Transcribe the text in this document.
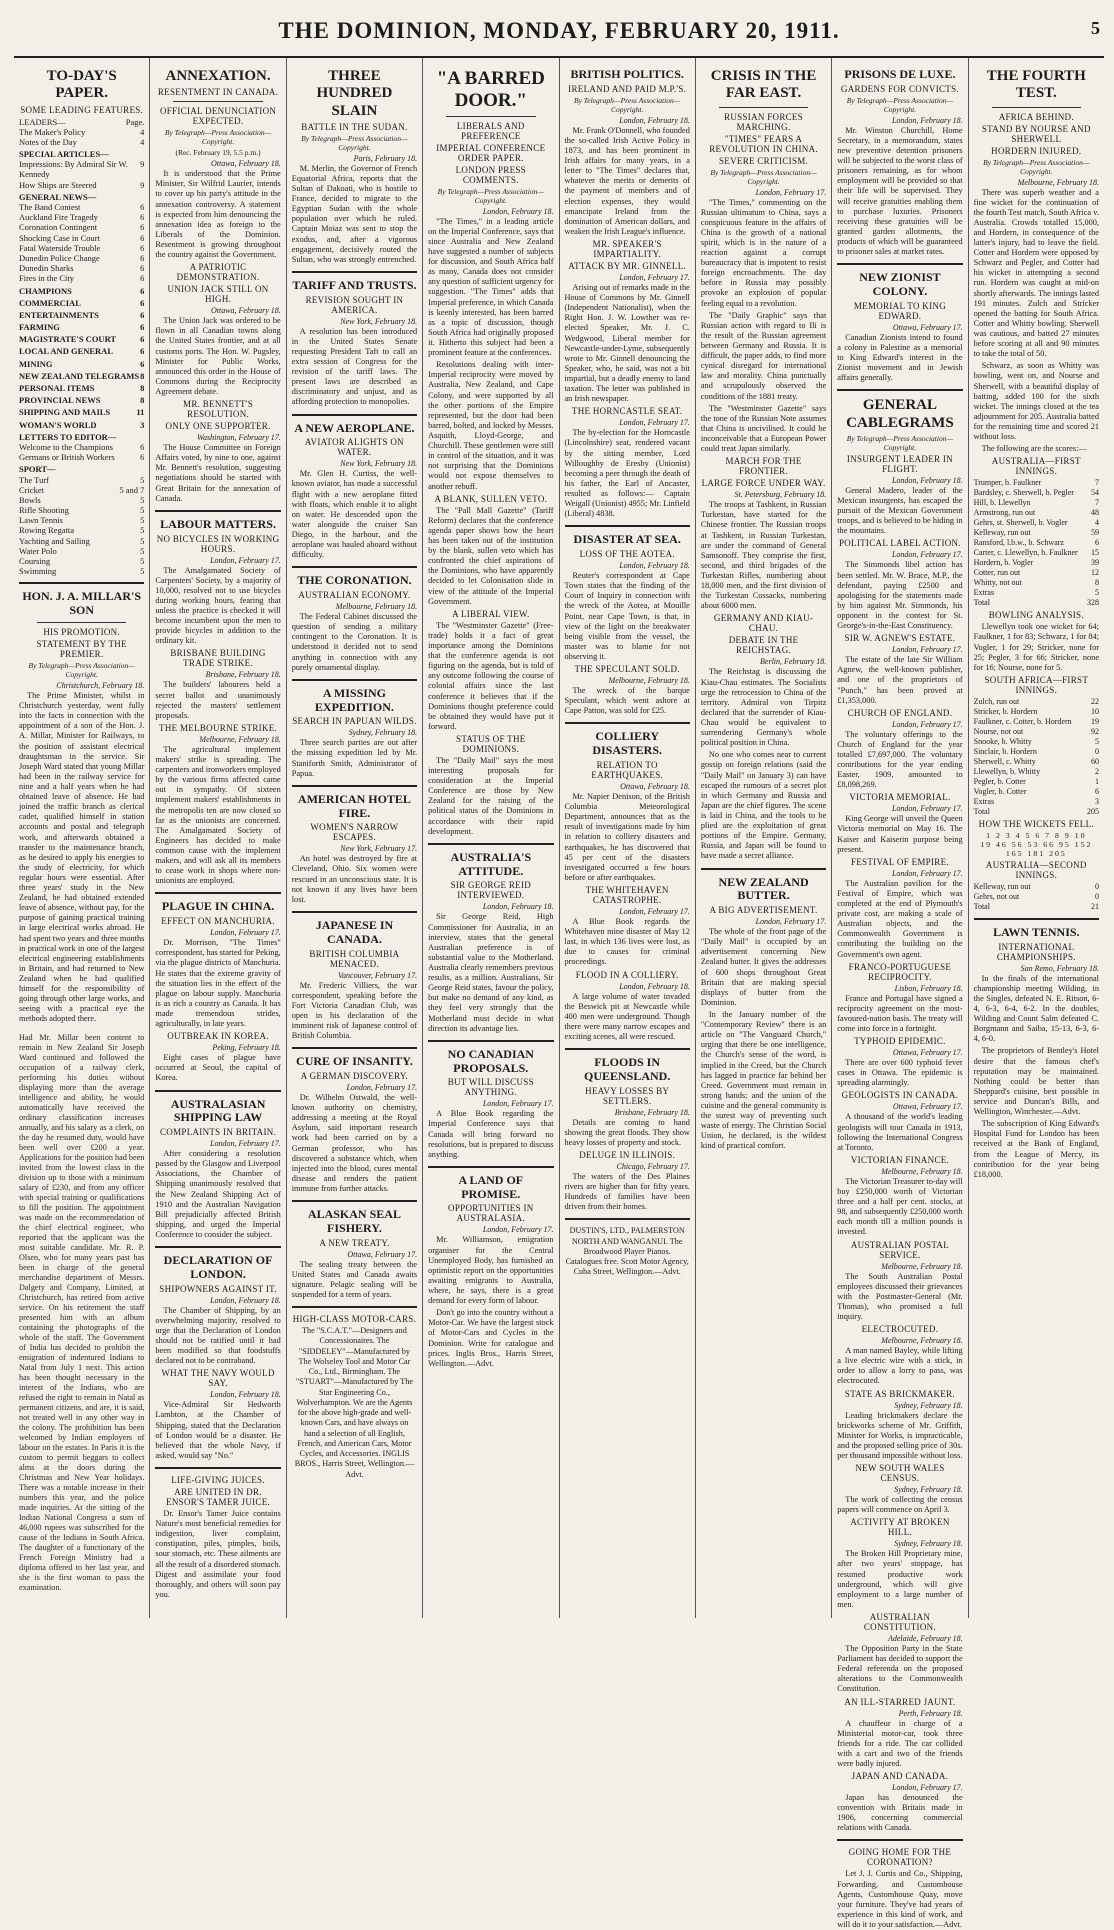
THE DOMINION, MONDAY, FEBRUARY 20, 1911.	5
TO-DAY'S PAPER.
SOME LEADING FEATURES.
LEADERS—	Page.
The Maker's Policy	4
Notes of the Day	4
SPECIAL ARTICLES—
Impressions: By Admiral Sir W. Kennedy
9
How Ships are Steered	9
GENERAL NEWS—
The Band Contest	6
Auckland Fire Tragedy	6
Coronation Contingent	6
Shocking Case in Court	6
Fatal Waterside Trouble	6
Dunedin Police Change	6
Dunedin Sharks	6
Fires in the City	6
CHAMPIONS	6
COMMERCIAL	6
ENTERTAINMENTS	6
FARMING	6
MAGISTRATE'S COURT	6
LOCAL AND GENERAL	6
MINING	6
NEW ZEALAND TELEGRAMS 8
PERSONAL ITEMS	8
PROVINCIAL NEWS	8
SHIPPING AND MAILS	11
WOMAN'S WORLD	3
LETTERS TO EDITOR—
Welcome to the Champions	6
Germans or British Workers	6
SPORT—
The Turf	5
Cricket	5 and 7
Bowls	5
Rifle Shooting	5
Lawn Tennis	5
Rowing Regatta	5
Yachting and Sailing	5
Water Polo	5
Coursing	5
Swimming	5
HON. J. A. MILLAR'S SON
HIS PROMOTION.
STATEMENT BY THE PREMIER.
By Telegraph—Press Association—Copyright.
Christchurch, February 18.

The Prime Minister, whilst in Christchurch yesterday, went fully into the facts in connection with the appointment of a son of the Hon. J. A. Millar, Minister for Railways, to the position of assistant electrical draughtsman in the service. Sir Joseph Ward stated that young Millar had been in the railway service for nine and a half years when he had obtained leave of absence. He had joined the traffic branch as clerical cadet, qualified himself in station accounts and postal and telegraph work, and afterwards obtained a transfer to the maintenance branch, as he desired to apply his energies to the study of electricity, for which regular hours were essential. After three years' study in the New Zealand, he had obtained extended leave of absence, without pay, for the purpose of gaining practical training in large electrical works abroad. He had spent two years and three months in practical work in one of the largest electrical engineering establishments in Britain, and had returned to New Zealand when he had qualified himself for the responsibility of going through other large works, and seeing with a practical eye the methods adopted there.

Had Mr. Millar been content to remain in New Zealand Sir Joseph Ward continued and followed the occupation of a railway clerk, performing his duties without displaying more than the average intelligence and ability, he would automatically have received the ordinary classification increases annually, and his salary as a clerk, on the day he resumed duty, would have been well over £200 a year. Applications for the position had been invited from the lowest class in the division up to those with a minimum salary of £230, and from any officer with special training or qualifications to fill the position. The appointment was made on the recommendation of the chief electrical engineer, who reported that the applicant was the most suitable candidate. Mr. R. P. Olsen, who for many years past has been in charge of the general merchandise department of Messrs. Dalgety and Company, Limited, at Christchurch, has retired from active service. On his retirement the staff presented him with an album containing the photographs of the whole of the staff. The Government of India has decided to prohibit the emigration of indentured Indians to Natal from July 1 next. This action has been thought necessary in the interest of the Indians, who are refused the right to remain in Natal as permanent citizens, and are, it is said, not treated well in any other way in the colony. The prohibition has been welcomed by Indian employers of labour on the estates. In Paris it is the custom to permit beggars to collect alms at the doors during the Christmas and New Year holidays. There was a notable increase in their numbers this year, and the police made inquiries. At the sitting of the Indian National Congress a sum of 46,000 rupees was subscribed for the cause of the Indians in South Africa. The daughter of a functionary of the French Foreign Ministry had a diploma offered to her last year, and she is the first woman to pass the examination.

ANNEXATION.
RESENTMENT IN CANADA.
OFFICIAL DENUNCIATION EXPECTED.
By Telegraph—Press Association—Copyright.
(Rec. February 19, 5.5 p.m.)
Ottawa, February 18.

It is understood that the Prime Minister, Sir Wilfrid Laurier, intends to cover up his party's attitude in the annexation controversy. A statement is expected from him denouncing the annexation idea as foreign to the Liberals of the Dominion. Resentment is growing throughout the country against the Government.

A PATRIOTIC DEMONSTRATION.
UNION JACK STILL ON HIGH.
Ottawa, February 18.

The Union Jack was ordered to be flown in all Canadian towns along the United States frontier, and at all customs ports. The Hon. W. Pugsley, Minister for Public Works, announced this order in the House of Commons during the Reciprocity Agreement debate.

MR. BENNETT'S RESOLUTION.
ONLY ONE SUPPORTER.
Washington, February 17.

The House Committee on Foreign Affairs voted, by nine to one, against Mr. Bennett's resolution, suggesting negotiations should be started with Great Britain for the annexation of Canada.

LABOUR MATTERS.
NO BICYCLES IN WORKING HOURS.
London, February 17.

The Amalgamated Society of Carpenters' Society, by a majority of 10,000, resolved not to use bicycles during working hours, fearing that unless the practice is checked it will become incumbent upon the men to provide bicycles in addition to the ordinary kit.

BRISBANE BUILDING TRADE STRIKE.
Brisbane, February 18.

The builders' labourers held a secret ballot and unanimously rejected the masters' settlement proposals.

THE MELBOURNE STRIKE.
Melbourne, February 18.

The agricultural implement makers' strike is spreading. The carpenters and ironworkers employed by the various firms affected came out in sympathy. Of sixteen implement makers' establishments in the metropolis ten are now closed so far as the unionists are concerned. The Amalgamated Society of Engineers has decided to make common cause with the implement makers, and will ask all its members to cease work in shops where non-unionists are employed.

PLAGUE IN CHINA.
EFFECT ON MANCHURIA.
London, February 17.

Dr. Morrison, "The Times" correspondent, has started for Peking, via the plague districts of Manchuria. He states that the extreme gravity of the situation lies in the effect of the plague on labour supply. Manchuria is as rich a country as Canada. It has made tremendous strides, agriculturally, in late years.

OUTBREAK IN KOREA.
Peking, February 18.

Eight cases of plague have occurred at Seoul, the capital of Korea.

AUSTRALASIAN SHIPPING LAW
COMPLAINTS IN BRITAIN.
London, February 17.

After considering a resolution passed by the Glasgow and Liverpool Associations, the Chamber of Shipping unanimously resolved that the New Zealand Shipping Act of 1910 and the Australian Navigation Bill prejudicially affected British shipping, and urged the Imperial Conference to consider the subject.

DECLARATION OF LONDON.
SHIPOWNERS AGAINST IT.
London, February 18.

The Chamber of Shipping, by an overwhelming majority, resolved to urge that the Declaration of London should not be ratified until it had been modified so that foodstuffs declared not to be contraband.

WHAT THE NAVY WOULD SAY.
London, February 18.

Vice-Admiral Sir Hedworth Lambton, at the Chamber of Shipping, stated that the Declaration of London would be a disaster. He believed that the whole Navy, if asked, would say "No."

LIFE-GIVING JUICES.
ARE UNITED IN DR. ENSOR'S TAMER JUICE.

Dr. Ensor's Tamer Juice contains Nature's most beneficial remedies for indigestion, liver complaint, constipation, piles, pimples, boils, sour stomach, etc. These ailments are all the result of a disordered stomach. Digest and assimilate your food thoroughly, and others will soon pay you.

THREE HUNDRED SLAIN
BATTLE IN THE SUDAN.
By Telegraph—Press Association—Copyright.
Paris, February 18.

M. Merlin, the Governor of French Equatorial Africa, reports that the Sultan of Dakoati, who is hostile to France, decided to migrate to the Egyptian Sudan with the whole population over which he ruled. Captain Moiaz was sent to stop the exodus, and, after a vigorous engagement, decisively routed the Sultan, who was strongly entrenched.

TARIFF AND TRUSTS.
REVISION SOUGHT IN AMERICA.
New York, February 18.

A resolution has been introduced in the United States Senate requesting President Taft to call an extra session of Congress for the revision of the tariff laws. The present laws are described as discriminatory and unjust, and as affording protection to monopolies.

A NEW AEROPLANE.
AVIATOR ALIGHTS ON WATER.
New York, February 18.

Mr. Glen H. Curtiss, the well-known aviator, has made a successful flight with a new aeroplane fitted with floats, which enable it to alight on water. He descended upon the water alongside the cruiser San Diego, in the harbour, and the aeroplane was hauled aboard without difficulty.

THE CORONATION.
AUSTRALIAN ECONOMY.
Melbourne, February 18.

The Federal Cabinet discussed the question of sending a military contingent to the Coronation. It is understood it decided not to send anything in connection with any purely ornamental display.

A MISSING EXPEDITION.
SEARCH IN PAPUAN WILDS.
Sydney, February 18.

Three search parties are out after the missing expedition led by Mr. Staniforth Smith, Administrator of Papua.

AMERICAN HOTEL FIRE.
WOMEN'S NARROW ESCAPES.
New York, February 17.

An hotel was destroyed by fire at Cleveland, Ohio. Six women were rescued in an unconscious state. It is not known if any lives have been lost.

JAPANESE IN CANADA.
BRITISH COLUMBIA MENACED.
Vancouver, February 17.

Mr. Frederic Villiers, the war correspondent, speaking before the Fort Victoria Canadian Club, was open in his declaration of the imminent risk of Japanese control of British Columbia.

CURE OF INSANITY.
A GERMAN DISCOVERY.
London, February 17.

Dr. Wilhelm Ostwald, the well-known authority on chemistry, addressing a meeting at the Royal Asylum, said important research work had been carried on by a German professor, who has discovered a substance which, when injected into the blood, cures mental disease and renders the patient immune from further attacks.

ALASKAN SEAL FISHERY.
A NEW TREATY.
Ottawa, February 17.

The sealing treaty between the United States and Canada awaits signature. Pelagic sealing will be suspended for a term of years.

HIGH-CLASS MOTOR-CARS.
The "S.C.A.T."—Designers and Concessionaires. The "SIDDELEY"—Manufactured by The Wolseley Tool and Motor Car Co., Ltd., Birmingham. The "STUART"—Manufactured by The Star Engineering Co., Wolverhampton. We are the Agents for the above high-grade and well-known Cars, and have always on hand a selection of all English, French, and American Cars, Motor Cycles, and Accessories. INGLIS BROS., Harris Street, Wellington.—Advt.
"A BARRED DOOR."
LIBERALS AND PREFERENCE
IMPERIAL CONFERENCE ORDER PAPER.
LONDON PRESS COMMENTS.
By Telegraph—Press Association—Copyright.
London, February 18.

"The Times," in a leading article on the Imperial Conference, says that since Australia and New Zealand have suggested a number of subjects for discussion, and South Africa half as many, Canada does not consider any question of sufficient urgency for suggestion. "The Times" adds that Imperial preference, in which Canada is keenly interested, has been barred as a topic of discussion, though South Africa had originally proposed it. Hitherto this subject had been a prominent feature at the conferences.

Resolutions dealing with inter-Imperial reciprocity were moved by Australia, New Zealand, and Cape Colony, and were supported by all the other portions of the Empire represented, but the door had been barred, bolted, and locked by Messrs. Asquith, Lloyd-George, and Churchill. These gentlemen were still in control of the situation, and it was not surprising that the Dominions would not expose themselves to another rebuff.

A BLANK, SULLEN VETO.

The "Pall Mall Gazette" (Tariff Reform) declares that the conference agenda paper shows how the heart has been taken out of the institution by the blank, sullen veto which has confronted the chief aspirations of the Dominions, who have apparently decided to let Colonisation slide in view of the attitude of the Imperial Government.

A LIBERAL VIEW.

The "Westminster Gazette" (Free-trade) holds it a fact of great importance among the Dominions that the conference agenda is not figuring on the agenda, but is told of any outcome following the course of colonial affairs since the last conference it believes that if the Dominions thought preference could be obtained they would have put it forward.

STATUS OF THE DOMINIONS.

The "Daily Mail" says the most interesting proposals for consideration at the Imperial Conference are those by New Zealand for the raising of the political status of the Dominions in accordance with their rapid development.

AUSTRALIA'S ATTITUDE.
SIR GEORGE REID INTERVIEWED.
London, February 18.

Sir George Reid, High Commissioner for Australia, in an interview, states that the general Australian preference is of substantial value to the Motherland. Australia clearly remembers previous results, as a million. Australians, Sir George Reid states, favour the policy, but make no demand of any kind, as they feel very strongly that the Motherland must decide in what direction its advantage lies.

NO CANADIAN PROPOSALS.
BUT WILL DISCUSS ANYTHING.
London, February 17.

A Blue Book regarding the Imperial Conference says that Canada will bring forward no resolutions, but is prepared to discuss anything.

A LAND OF PROMISE.
OPPORTUNITIES IN AUSTRALASIA.
London, February 17.

Mr. Williamson, emigration organiser for the Central Unemployed Body, has furnished an optimistic report on the opportunities awaiting emigrants to Australia, where, he says, there is a great demand for every form of labour.

Don't go into the country without a Motor-Car. We have the largest stock of Motor-Cars and Cycles in the Dominion. Write for catalogue and prices. Inglis Bros., Harris Street, Wellington.—Advt.

BRITISH POLITICS.
IRELAND AND PAID M.P.'S.
By Telegraph—Press Association—Copyright.
London, February 18.

Mr. Frank O'Donnell, who founded the so-called Irish Active Policy in 1873, and has been prominent in Irish affairs for many years, in a letter to "The Times" declares that, whatever the merits or demerits of the payment of members and of election expenses, they would emancipate Ireland from the domination of American dollars, and weaken the Irish League's influence.

MR. SPEAKER'S IMPARTIALITY.
ATTACK BY MR. GINNELL.
London, February 17.

Arising out of remarks made in the House of Commons by Mr. Ginnell (Independent Nationalist), when the Right Hon. J. W. Lowther was re-elected Speaker, Mr. J. C. Wedgwood, Liberal member for Newcastle-under-Lyme, subsequently wrote to Mr. Ginnell denouncing the Speaker, who, he said, was not a bit impartial, but a deadly enemy to land taxation. The letter was published in an Irish newspaper.

THE HORNCASTLE SEAT.
London, February 17.

The by-election for the Horncastle (Lincolnshire) seat, rendered vacant by the sitting member, Lord Willoughby de Eresby (Unionist) becoming a peer through the death of his father, the Earl of Ancaster, resulted as follows:— Captain Weigall (Unionist) 4955; Mr. Linfield (Liberal) 4838.

DISASTER AT SEA.
LOSS OF THE AOTEA.
London, February 18.

Reuter's correspondent at Cape Town states that the finding of the Court of Inquiry in connection with the wreck of the Aotea, at Mouille Point, near Cape Town, is that, in view of the light on the breakwater being visible from the vessel, the master was to blame for not observing it.

THE SPECULANT SOLD.
Melbourne, February 18.

The wreck of the barque Speculant, which went ashore at Cape Patton, was sold for £25.

COLLIERY DISASTERS.
RELATION TO EARTHQUAKES.
Ottawa, February 18.

Mr. Napier Denison, of the British Columbia Meteorological Department, announces that as the result of investigations made by him in relation to colliery disasters and earthquakes, he has discovered that 45 per cent of the disasters investigated occurred a few hours before or after earthquakes.

THE WHITEHAVEN CATASTROPHE.
London, February 17.

A Blue Book regards the Whitehaven mine disaster of May 12 last, in which 136 lives were lost, as due to causes for criminal proceedings.

FLOOD IN A COLLIERY.
London, February 18.

A large volume of water invaded the Beswick pit at Newcastle while 400 men were underground. Though there were many narrow escapes and exciting scenes, all were rescued.

FLOODS IN QUEENSLAND.
HEAVY LOSSES BY SETTLERS.
Brisbane, February 18.

Details are coming to hand showing the great floods. They show heavy losses of property and stock.

DELUGE IN ILLINOIS.
Chicago, February 17.

The waters of the Des Plaines rivers are higher than for fifty years. Hundreds of families have been driven from their homes.

DUSTIN'S, LTD., PALMERSTON NORTH AND WANGANUI. The Broadwood Player Pianos. Catalogues free. Scott Motor Agency, Cuba Street, Wellington.—Advt.
CRISIS IN THE FAR EAST.
RUSSIAN FORCES MARCHING.
"TIMES" FEARS A REVOLUTION IN CHINA.
SEVERE CRITICISM.
By Telegraph—Press Association—Copyright.
London, February 17.

"The Times," commenting on the Russian ultimatum to China, says a conspicuous feature in the affairs of China is the growth of a national spirit, which is in the nature of a reaction against a corrupt bureaucracy that is impotent to resist foreign encroachments. The day before in Russia may possibly provoke an explosion of popular feeling equal to a revolution.

The "Daily Graphic" says that Russian action with regard to Ili is the result of the Russian agreement between Germany and Russia. It is difficult, the paper adds, to find more cynical disregard for international law and morality. China punctually and scrupulously observed the conditions of the 1881 treaty.

The "Westminster Gazette" says the tone of the Russian Note assumes that China is uncivilised. It could be inconceivable that a European Power could treat Japan similarly.

MARCH FOR THE FRONTIER.
LARGE FORCE UNDER WAY.
St. Petersburg, February 18.

The troops at Tashkent, in Russian Turkestan, have started for the Chinese frontier. The Russian troops at Tashkent, in Russian Turkestan, are under the command of General Samsonoff. They comprise the first, second, and third brigades of the Turkestan Rifles, numbering about 18,000 men, and the first division of the Turkestan Cossacks, numbering about 6000 men.

GERMANY AND KIAU-CHAU.
DEBATE IN THE REICHSTAG.
Berlin, February 18.

The Reichstag is discussing the Kiau-Chau estimates. The Socialists urge the retrocession to China of the territory. Admiral von Tirpitz declared that the surrender of Kiau-Chau would be equivalent to surrendering Germany's whole political position in China.

No one who comes near to current gossip on foreign relations (said the "Daily Mail" on January 3) can have escaped the rumours of a secret plot in which Germany and Russia and Japan are the chief figures. The scene is laid in China, and the tools to be plied are the exploitation of great portions of the Empire. Germany, Russia, and Japan will be found to have made a secret alliance.

NEW ZEALAND BUTTER.
A BIG ADVERTISEMENT.
London, February 17.

The whole of the front page of the "Daily Mail" is occupied by an advertisement concerning New Zealand butter. It gives the addresses of 600 shops throughout Great Britain that are making special displays of butter from the Dominion.

In the January number of the "Contemporary Review" there is an article on "The Vanguard Church," urging that there be one intelligence, the Church's sense of the word, is implied in the Creed, but the Church has lagged in practice far behind her Creed. Government must remain in strong hands; and the union of the cuisine and the general community is the surest way of preventing such waste of energy. The Christian Social Union, he declared, is the wildest kind of practical comfort.

PRISONS DE LUXE.
GARDENS FOR CONVICTS.
By Telegraph—Press Association—Copyright.
London, February 18.

Mr. Winston Churchill, Home Secretary, in a memorandum, states new preventive detention prisoners will be subjected to the worst class of prisoners remaining, as for whom employment will be provided so that their life will be supervised. They will receive gratuities enabling them to purchase luxuries. Prisoners receiving these gratuities will be granted garden allotments, the products of which will be guaranteed to prisoner sales at market rates.

NEW ZIONIST COLONY.
MEMORIAL TO KING EDWARD.
Ottawa, February 17.

Canadian Zionists intend to found a colony in Palestine as a memorial to King Edward's interest in the Zionist movement and in Jewish affairs generally.

GENERAL CABLEGRAMS
By Telegraph—Press Association—Copyright.
INSURGENT LEADER IN FLIGHT.
London, February 18.

General Madero, leader of the Mexican insurgents, has escaped the pursuit of the Mexican Government troops, and is believed to be hiding in the mountains.

POLITICAL LABEL ACTION.
London, February 17.

The Simmonds libel action has been settled. Mr. W. Brace, M.P., the defendant, paying £2500 and apologising for the statements made by him against Mr. Simmonds, his opponent in the contest for St. George's-in-the-East Constituency.

SIR W. AGNEW'S ESTATE.
London, February 17.

The estate of the late Sir William Agnew, the well-known publisher, and one of the proprietors of "Punch," has been proved at £1,353,000.

CHURCH OF ENGLAND.
London, February 17.

The voluntary offerings to the Church of England for the year totalled £7,697,000. The voluntary contributions for the year ending Easter, 1909, amounted to £8,098,269.

VICTORIA MEMORIAL.
London, February 17.

King George will unveil the Queen Victoria memorial on May 16. The Kaiser and Kaiserin purpose being present.

FESTIVAL OF EMPIRE.
London, February 17.

The Australian pavilion for the Festival of Empire, which was completed at the end of Plymouth's private cost, are making a scale of Australian objects, and the Commonwealth Government is contributing the building on the Government's own agent.

FRANCO-PORTUGUESE RECIPROCITY.
Lisbon, February 18.

France and Portugal have signed a reciprocity agreement on the most-favoured-nation basis. The treaty will come into force in a fortnight.

TYPHOID EPIDEMIC.
Ottawa, February 17.

There are over 600 typhoid fever cases in Ottawa. The epidemic is spreading alarmingly.

GEOLOGISTS IN CANADA.
Ottawa, February 17.

A thousand of the world's leading geologists will tour Canada in 1913, following the International Congress at Toronto.

VICTORIAN FINANCE.
Melbourne, February 18.

The Victorian Treasurer to-day will buy £250,000 worth of Victorian three and a half per cent. stocks, at 98, and subsequently £250,000 worth each month till a million pounds is invested.

AUSTRALIAN POSTAL SERVICE.
Melbourne, February 18.

The South Australian Postal employees discussed their grievances with the Postmaster-General (Mr. Thomas), who promised a full inquiry.

ELECTROCUTED.
Melbourne, February 18.

A man named Bayley, while lifting a live electric wire with a stick, in order to allow a lorry to pass, was electrocuted.

STATE AS BRICKMAKER.
Sydney, February 18.

Leading brickmakers declare the brickworks scheme of Mr. Griffith, Minister for Works, is impracticable, and the proposed selling price of 30s. per thousand impossible without loss.

NEW SOUTH WALES CENSUS.
Sydney, February 18.

The work of collecting the census papers will commence on April 3.

ACTIVITY AT BROKEN HILL.
Sydney, February 18.

The Broken Hill Proprietary mine, after two years' stoppage, has resumed productive work underground, which will give employment to a large number of men.

AUSTRALIAN CONSTITUTION.
Adelaide, February 18.

The Opposition Party in the State Parliament has decided to support the Federal referenda on the proposed alterations to the Commonwealth Constitution.

AN ILL-STARRED JAUNT.
Perth, February 18.

A chauffeur in charge of a Ministerial motor-car, took three friends for a ride. The car collided with a cart and two of the friends were badly injured.

JAPAN AND CANADA.
London, February 17.

Japan has denounced the convention with Britain made in 1906, concerning commercial relations with Canada.

GOING HOME FOR THE CORONATION?

Let J. J. Curtis and Co., Shipping, Forwarding, and Customhouse Agents, Customhouse Quay, move your furniture. They've had years of experience in this kind of work, and will do it to your satisfaction.—Advt.

THE FOURTH TEST.
AFRICA BEHIND.
STAND BY NOURSE AND SHERWELL
HORDERN INJURED.
By Telegraph—Press Association—Copyright.
Melbourne, February 18.

There was superb weather and a fine wicket for the continuation of the fourth Test match, South Africa v. Australia. Crowds totalled 15,000, and Hordern, in consequence of the latter's injury, had to leave the field. Cotter and Hordern were opposed by Schwarz and Pegler, and Cotter had his wicket in attempting a second run. Hordern was caught at mid-on shortly afterwards. The innings lasted 191 minutes. Zulch and Stricker opened the batting for South Africa. Cotter and Whitty bowling. Sherwell was cautious, and batted 27 minutes before scoring at all and 90 minutes to take the total of 50.

Schwarz, as soon as Whitty was bowling, went on, and Nourse and Sherwell, with a beautiful display of batting, added 100 for the sixth wicket. The innings closed at the tea adjournment for 205. Australia batted for the remaining time and scored 21 without loss.

The following are the scores:—

AUSTRALIA—FIRST INNINGS.
Trumper, b. Faulkner	7
Bardsley, c. Sherwell, b. Pegler 54
Hill, b. Llewellyn	7
Armstrong, run out	48
Gehrs, st. Sherwell, b. Vogler	4
Kelleway, run out	59
Ransford, l.b.w., b. Schwarz	6
Carter, c. Llewellyn, b. Faulkner 15
Hordern, b. Vogler	39
Cotter, run out	12
Whitty, not out	8
Extras	5
Total	328
BOWLING ANALYSIS.

Llewellyn took one wicket for 64; Faulkner, 1 for 83; Schwarz, 1 for 84; Vogler, 1 for 29; Stricker, none for 25; Pegler, 3 for 66; Stricker, none for 16; Nourse, none for 5.

SOUTH AFRICA—FIRST INNINGS.
Zulch, run out	22
Stricker, b. Hordern	10
Faulkner, c. Cotter, b. Hordern 19
Nourse, not out	92
Snooke, b. Whitty	5
Sinclair, b. Hordern	0
Sherwell, c. Whitty	60
Llewellyn, b. Whitty	2
Pegler, b. Cotter	1
Vogler, b. Cotter	6
Extras	3
Total	205
HOW THE WICKETS FELL.
1 2 3 4 5 6 7 8 9 10
19 46 56 53 66 95 152 165 181 205
AUSTRALIA—SECOND INNINGS.
Kelleway, run out	0
Gehrs, not out	0
Total	21
LAWN TENNIS.
INTERNATIONAL CHAMPIONSHIPS.
San Remo, February 18.

In the finals of the international championship meeting Wilding, in the Singles, defeated N. E. Ritson, 6-4, 6-3, 6-4, 6-2. In the doubles, Wilding and Count Salm defeated C. Borgmann and Saiba, 15-13, 6-3, 6-4, 6-0.

The proprietors of Bentley's Hotel desire that the famous chef's reputation may be maintained. Nothing could be better than Sheppard's cuisine, best possible in service and Duncan's Bills, and Wellington, Winchester.—Advt.

The subscription of King Edward's Hospital Fund for London has been received at the Bank of England, from the League of Mercy, its contribution for the year being £18,000.
